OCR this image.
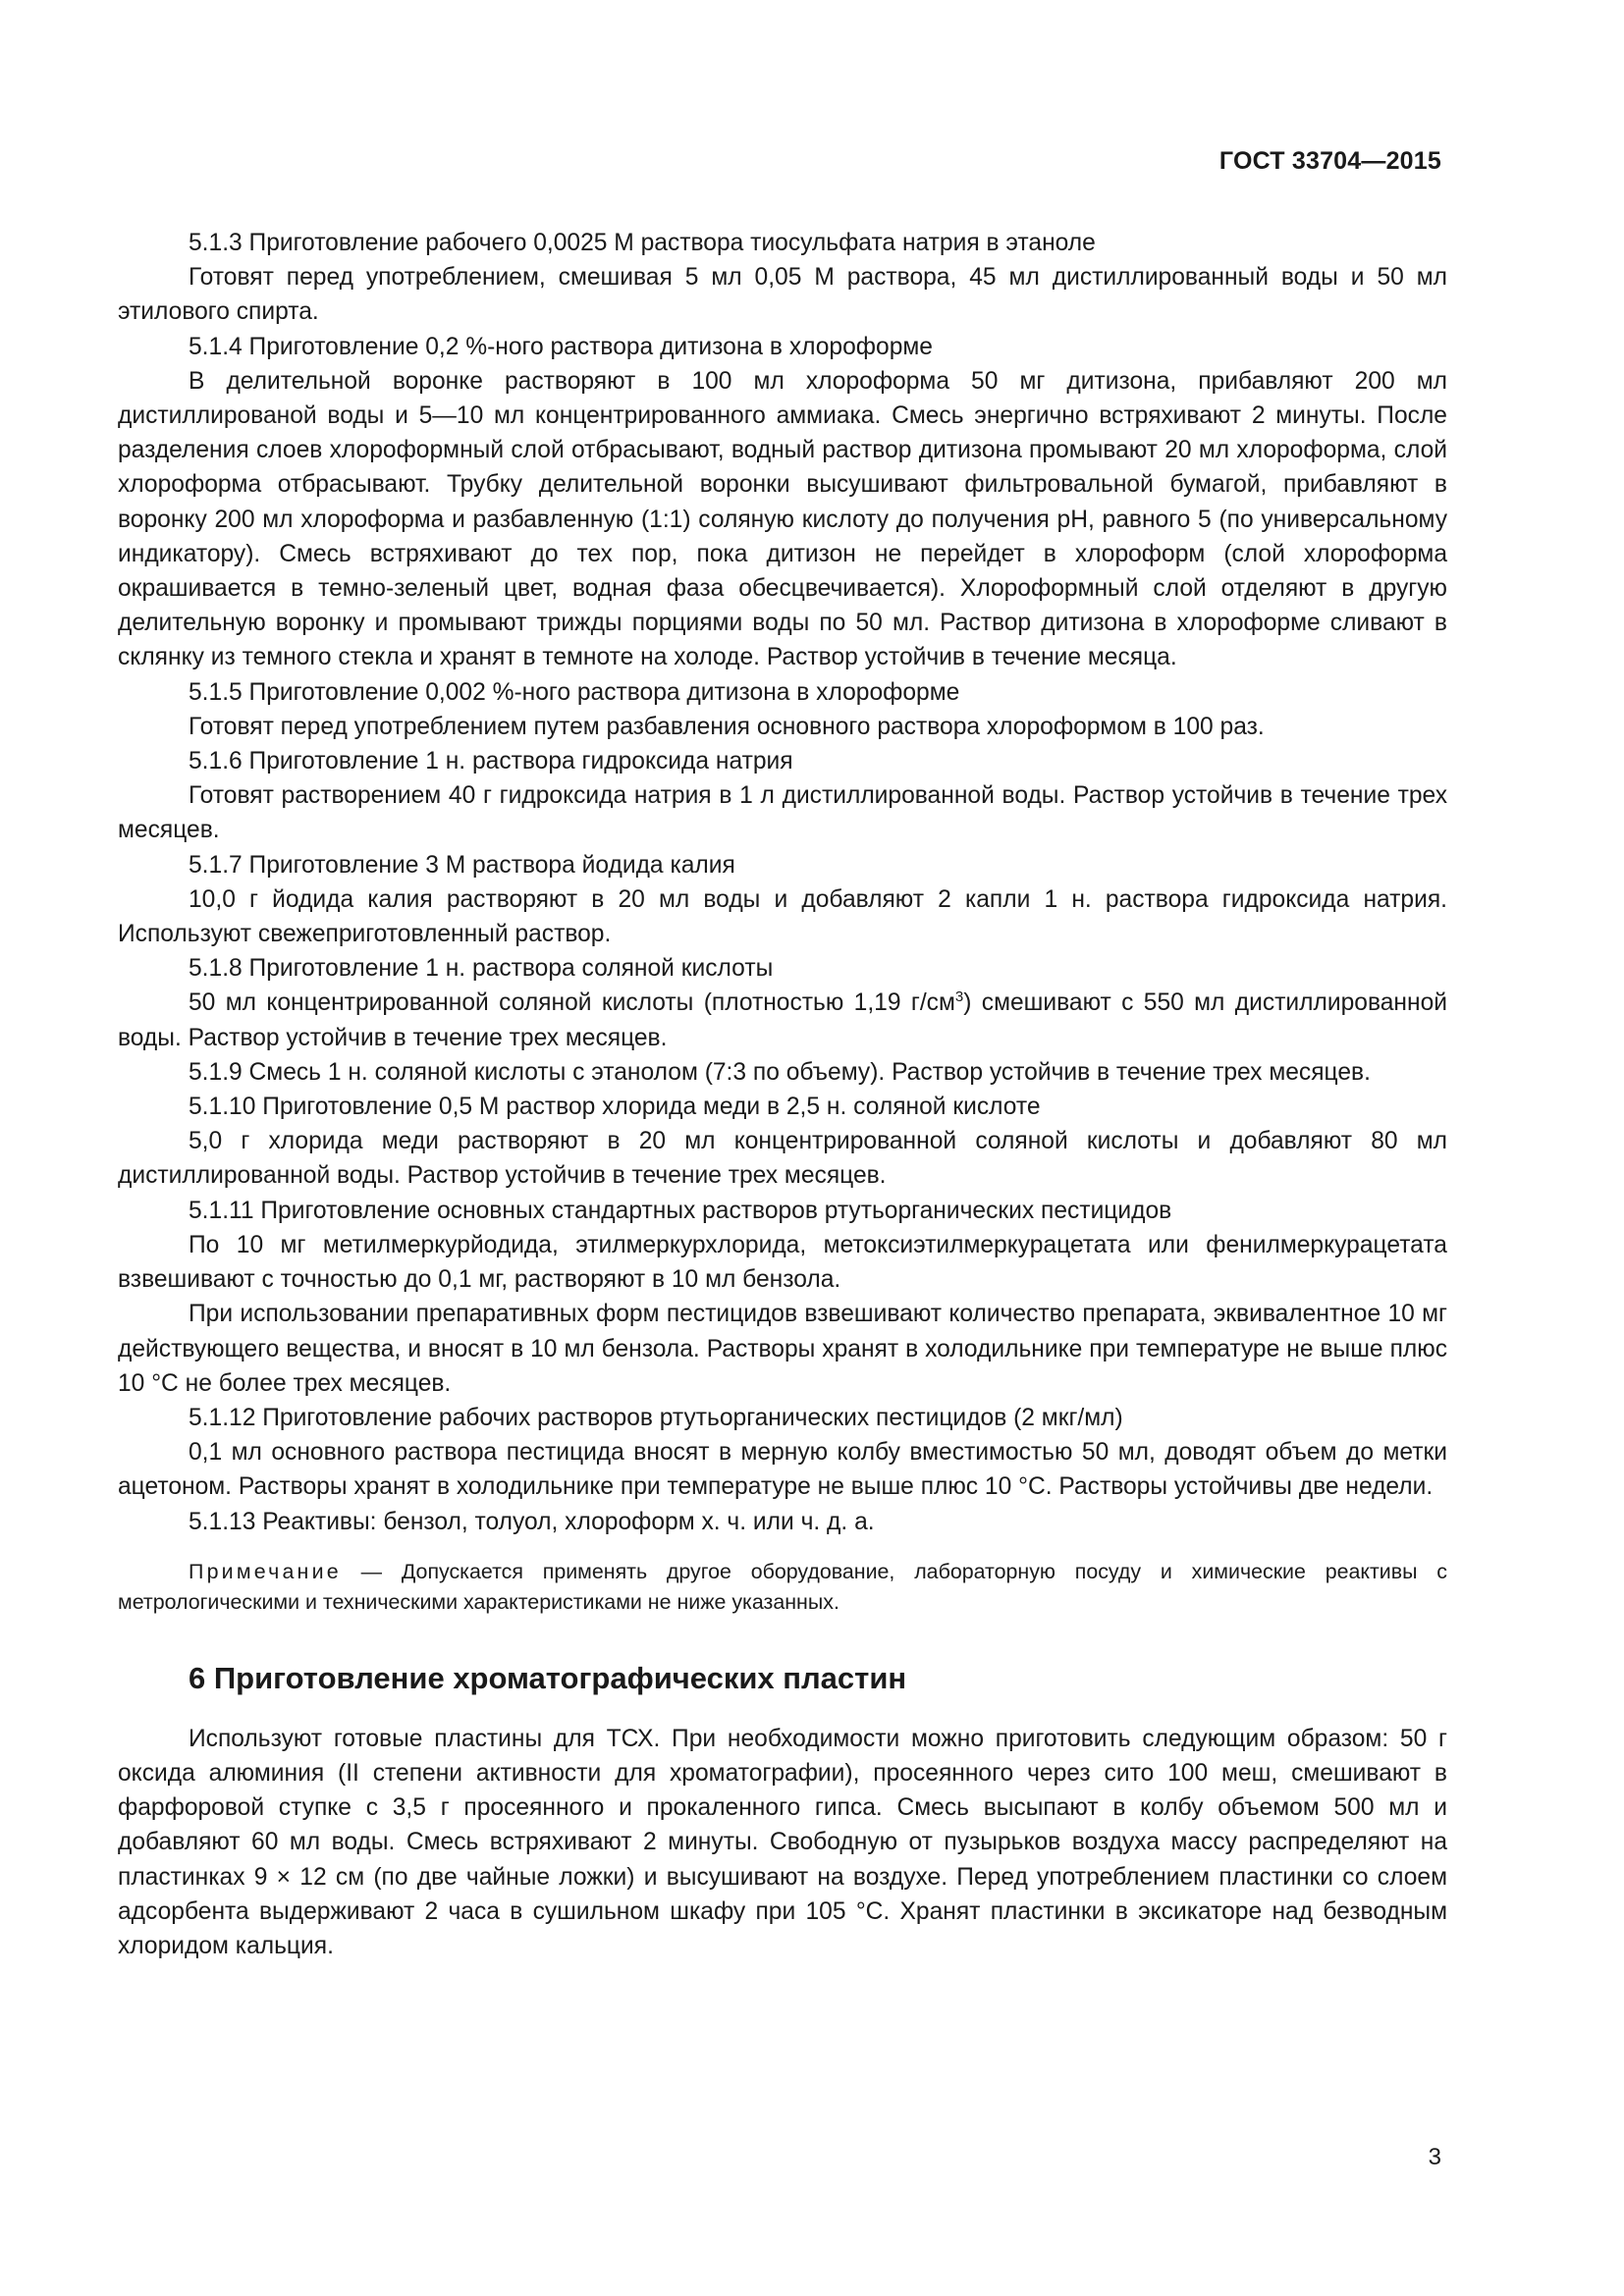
ГОСТ 33704—2015

5.1.3 Приготовление рабочего 0,0025 М раствора тиосульфата натрия в этаноле

Готовят перед употреблением, смешивая 5 мл 0,05 М раствора, 45 мл дистиллированный воды и 50 мл этилового спирта.

5.1.4 Приготовление 0,2 %-ного раствора дитизона в хлороформе

В делительной воронке растворяют в 100 мл хлороформа 50 мг дитизона, прибавляют 200 мл дистиллированой воды и 5—10 мл концентрированного аммиака. Смесь энергично встряхивают 2 минуты. После разделения слоев хлороформный слой отбрасывают, водный раствор дитизона промывают 20 мл хлороформа, слой хлороформа отбрасывают. Трубку делительной воронки высушивают фильтровальной бумагой, прибавляют в воронку 200 мл хлороформа и разбавленную (1:1) соляную кислоту до получения pH, равного 5 (по универсальному индикатору). Смесь встряхивают до тех пор, пока дитизон не перейдет в хлороформ (слой хлороформа окрашивается в темно-зеленый цвет, водная фаза обесцвечивается). Хлороформный слой отделяют в другую делительную воронку и промывают трижды порциями воды по 50 мл. Раствор дитизона в хлороформе сливают в склянку из темного стекла и хранят в темноте на холоде. Раствор устойчив в течение месяца.

5.1.5 Приготовление 0,002 %-ного раствора дитизона в хлороформе

Готовят перед употреблением путем разбавления основного раствора хлороформом в 100 раз.

5.1.6 Приготовление 1 н. раствора гидроксида натрия

Готовят растворением 40 г гидроксида натрия в 1 л дистиллированной воды. Раствор устойчив в течение трех месяцев.

5.1.7 Приготовление 3 М раствора йодида калия

10,0 г йодида калия растворяют в 20 мл воды и добавляют 2 капли 1 н. раствора гидроксида натрия. Используют свежеприготовленный раствор.

5.1.8 Приготовление 1 н. раствора соляной кислоты

50 мл концентрированной соляной кислоты (плотностью 1,19 $г/см^3$) смешивают с 550 мл дистиллированной воды. Раствор устойчив в течение трех месяцев.

5.1.9 Смесь 1 н. соляной кислоты с этанолом (7:3 по объему). Раствор устойчив в течение трех месяцев.

5.1.10 Приготовление 0,5 М раствор хлорида меди в 2,5 н. соляной кислоте

5,0 г хлорида меди растворяют в 20 мл концентрированной соляной кислоты и добавляют 80 мл дистиллированной воды. Раствор устойчив в течение трех месяцев.

5.1.11 Приготовление основных стандартных растворов ртутьорганических пестицидов

По 10 мг метилмеркурйодида, этилмеркурхлорида, метоксиэтилмеркурацетата или фенилмеркурацетата взвешивают с точностью до 0,1 мг, растворяют в 10 мл бензола.

При использовании препаративных форм пестицидов взвешивают количество препарата, эквивалентное 10 мг действующего вещества, и вносят в 10 мл бензола. Растворы хранят в холодильнике при температуре не выше плюс 10 °С не более трех месяцев.

5.1.12 Приготовление рабочих растворов ртутьорганических пестицидов (2 мкг/мл)

0,1 мл основного раствора пестицида вносят в мерную колбу вместимостью 50 мл, доводят объем до метки ацетоном. Растворы хранят в холодильнике при температуре не выше плюс 10 °С. Растворы устойчивы две недели.

5.1.13 Реактивы: бензол, толуол, хлороформ х. ч. или ч. д. а.

Примечание — Допускается применять другое оборудование, лабораторную посуду и химические реактивы с метрологическими и техническими характеристиками не ниже указанных.

6 Приготовление хроматографических пластин

Используют готовые пластины для ТСХ. При необходимости можно приготовить следующим образом: 50 г оксида алюминия (II степени активности для хроматографии), просеянного через сито 100 меш, смешивают в фарфоровой ступке с 3,5 г просеянного и прокаленного гипса. Смесь высыпают в колбу объемом 500 мл и добавляют 60 мл воды. Смесь встряхивают 2 минуты. Свободную от пузырьков воздуха массу распределяют на пластинках 9 × 12 см (по две чайные ложки) и высушивают на воздухе. Перед употреблением пластинки со слоем адсорбента выдерживают 2 часа в сушильном шкафу при 105 °С. Хранят пластинки в эксикаторе над безводным хлоридом кальция.

3
